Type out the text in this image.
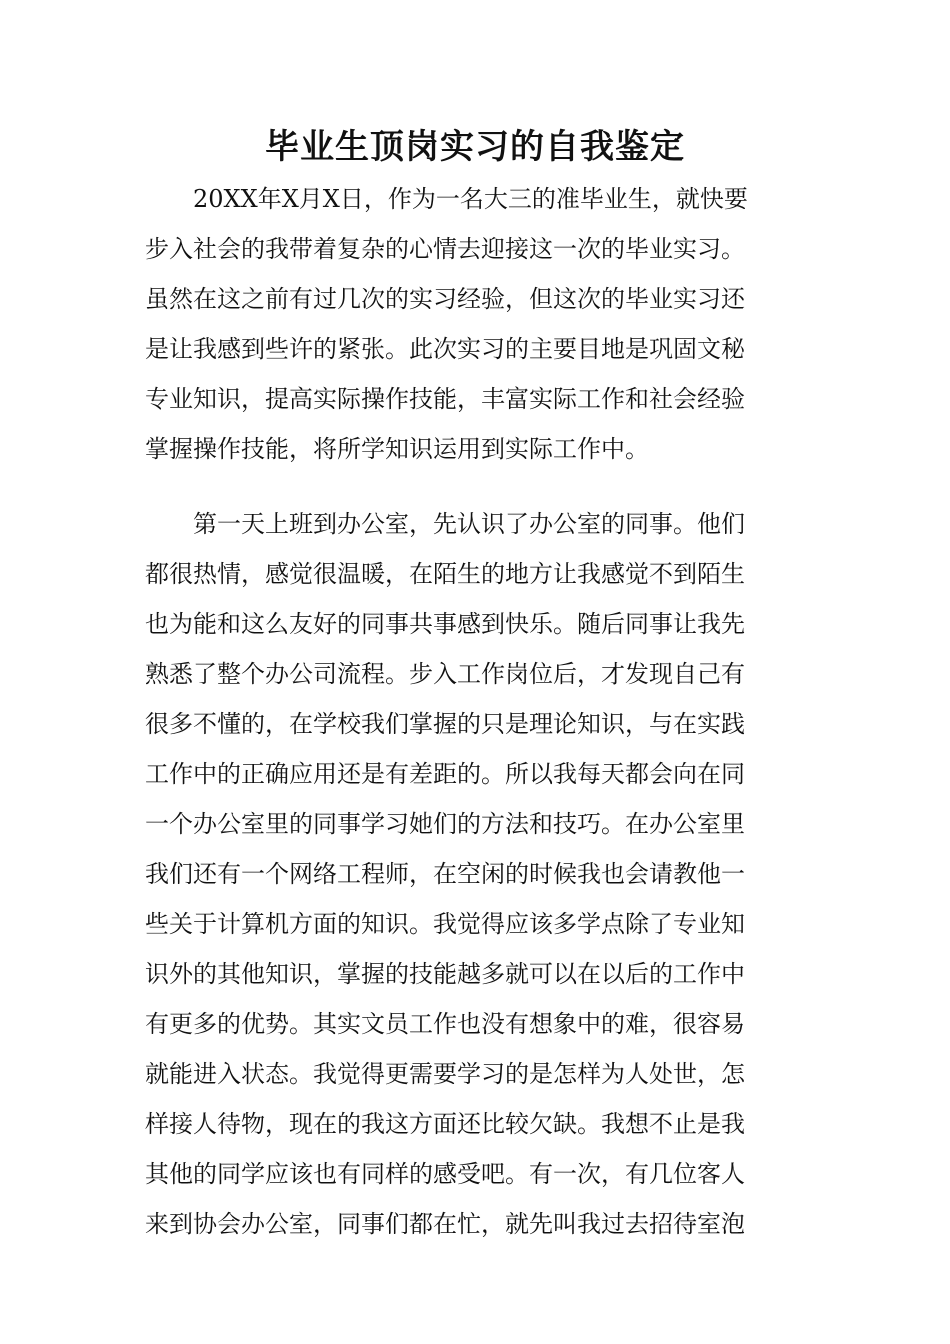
毕业生顶岗实习的自我鉴定
　　20XX年X月X日，作为一名大三的准毕业生，就快要
步入社会的我带着复杂的心情去迎接这一次的毕业实习。
虽然在这之前有过几次的实习经验，但这次的毕业实习还
是让我感到些许的紧张。此次实习的主要目地是巩固文秘
专业知识，提高实际操作技能，丰富实际工作和社会经验
掌握操作技能，将所学知识运用到实际工作中。
　　第一天上班到办公室，先认识了办公室的同事。他们
都很热情，感觉很温暖，在陌生的地方让我感觉不到陌生
也为能和这么友好的同事共事感到快乐。随后同事让我先
熟悉了整个办公司流程。步入工作岗位后，才发现自己有
很多不懂的，在学校我们掌握的只是理论知识，与在实践
工作中的正确应用还是有差距的。所以我每天都会向在同
一个办公室里的同事学习她们的方法和技巧。在办公室里
我们还有一个网络工程师，在空闲的时候我也会请教他一
些关于计算机方面的知识。我觉得应该多学点除了专业知
识外的其他知识，掌握的技能越多就可以在以后的工作中
有更多的优势。其实文员工作也没有想象中的难，很容易
就能进入状态。我觉得更需要学习的是怎样为人处世，怎
样接人待物，现在的我这方面还比较欠缺。我想不止是我
其他的同学应该也有同样的感受吧。有一次，有几位客人
来到协会办公室，同事们都在忙，就先叫我过去招待室泡
